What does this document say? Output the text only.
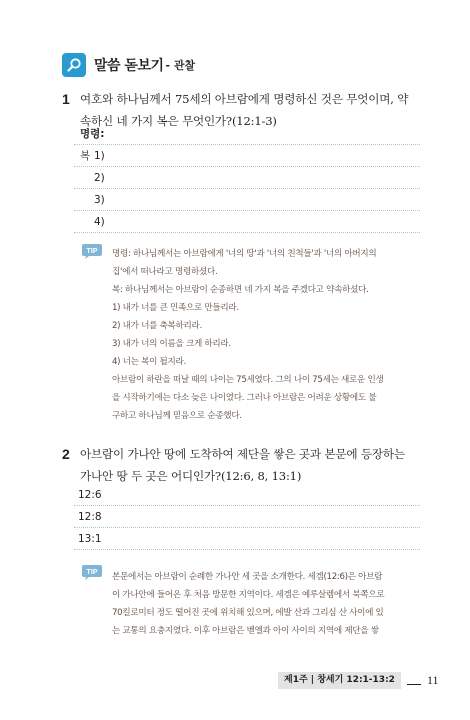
말씀 돋보기 - 관찰
1 여호와 하나님께서 75세의 아브람에게 명령하신 것은 무엇이며, 약
속하신 네 가지 복은 무엇인가?(12:1-3)
명령:
복 1)
2)
3)
4)
TIP 명령: 하나님께서는 아브람에게 '너의 땅'과 '너의 친척들'과 '너의 아버지의

집'에서 떠나라고 명령하셨다.

복: 하나님께서는 아브람이 순종하면 네 가지 복을 주겠다고 약속하셨다.

1) 내가 너를 큰 민족으로 만들리라.

2) 내가 너를 축복하리라.

3) 내가 너의 이름을 크게 하리라.

4) 너는 복이 될지라.

아브람이 하란을 떠날 때의 나이는 75세였다. 그의 나이 75세는 새로운 인생

을 시작하기에는 다소 늦은 나이였다. 그러나 아브람은 어려운 상황에도 불

구하고 하나님께 믿음으로 순종했다.

2 아브람이 가나안 땅에 도착하여 제단을 쌓은 곳과 본문에 등장하는
가나안 땅 두 곳은 어디인가?(12:6, 8, 13:1)
12:6
12:8
13:1
TIP 본문에서는 아브람이 순례한 가나안 세 곳을 소개한다. 세겜(12:6)은 아브람

이 가나안에 들어온 후 처음 방문한 지역이다. 세겜은 예루살렘에서 북쪽으로

70킬로미터 정도 떨어진 곳에 위치해 있으며, 에발 산과 그리심 산 사이에 있

는 교통의 요충지였다. 이후 아브람은 벧엘과 아이 사이의 지역에 제단을 쌓

제1주 | 창세기 12:1-13:2	11
